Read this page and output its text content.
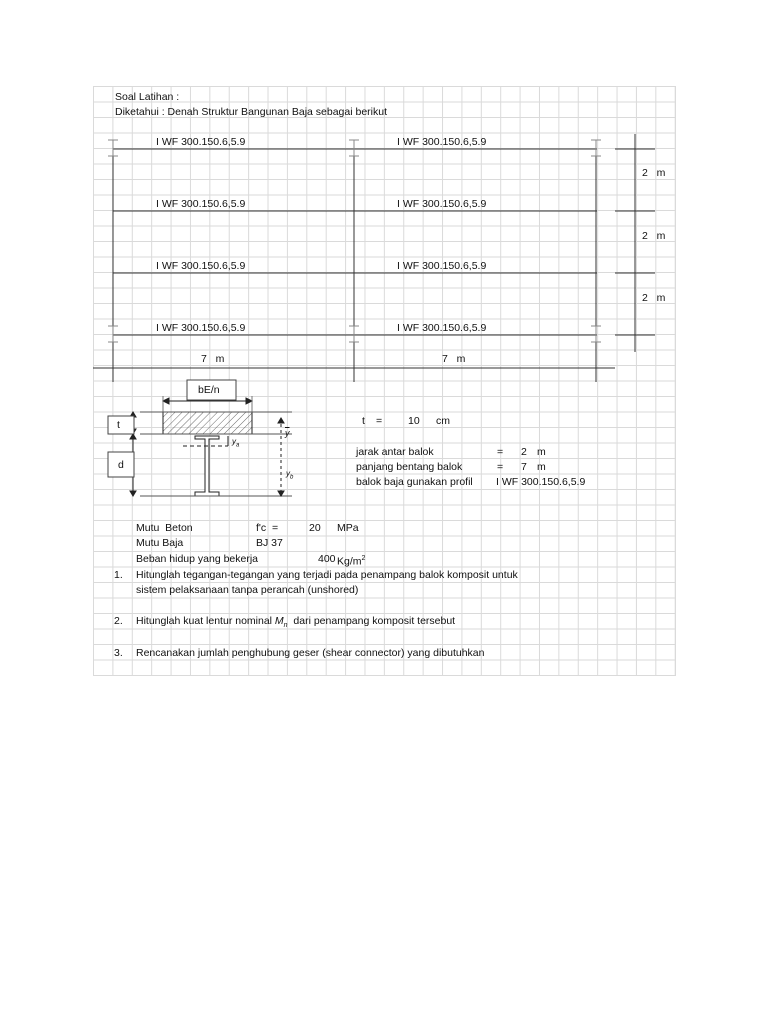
Soal Latihan :
Diketahui : Denah Struktur Bangunan Baja sebagai berikut
I WF 300.150.6,5.9	I WF 300.150.6,5.9
I WF 300.150.6,5.9	I WF 300.150.6,5.9
I WF 300.150.6,5.9	I WF 300.150.6,5.9
I WF 300.150.6,5.9	I WF 300.150.6,5.9
2   m
2   m
2   m
7   m	7   m
bE/n
t
d
$\overline{y}$
$y_a$
$y_b$
t = 10 cm
jarak antar balok	= 2 m
panjang bentang balok	= 7 m
balok baja gunakan profil I WF 300.150.6,5.9
Mutu  Beton	f'c  =	20 MPa
Mutu Baja	BJ 37
Beban hidup yang bekerja	400 $Kg/m^2$
1. Hitunglah tegangan-tegangan yang terjadi pada penampang balok komposit untuk
sistem pelaksanaan tanpa perancah (unshored)
2. Hitunglah kuat lentur nominal $M_n$  dari penampang komposit tersebut
3. Rencanakan jumlah penghubung geser (shear connector) yang dibutuhkan
